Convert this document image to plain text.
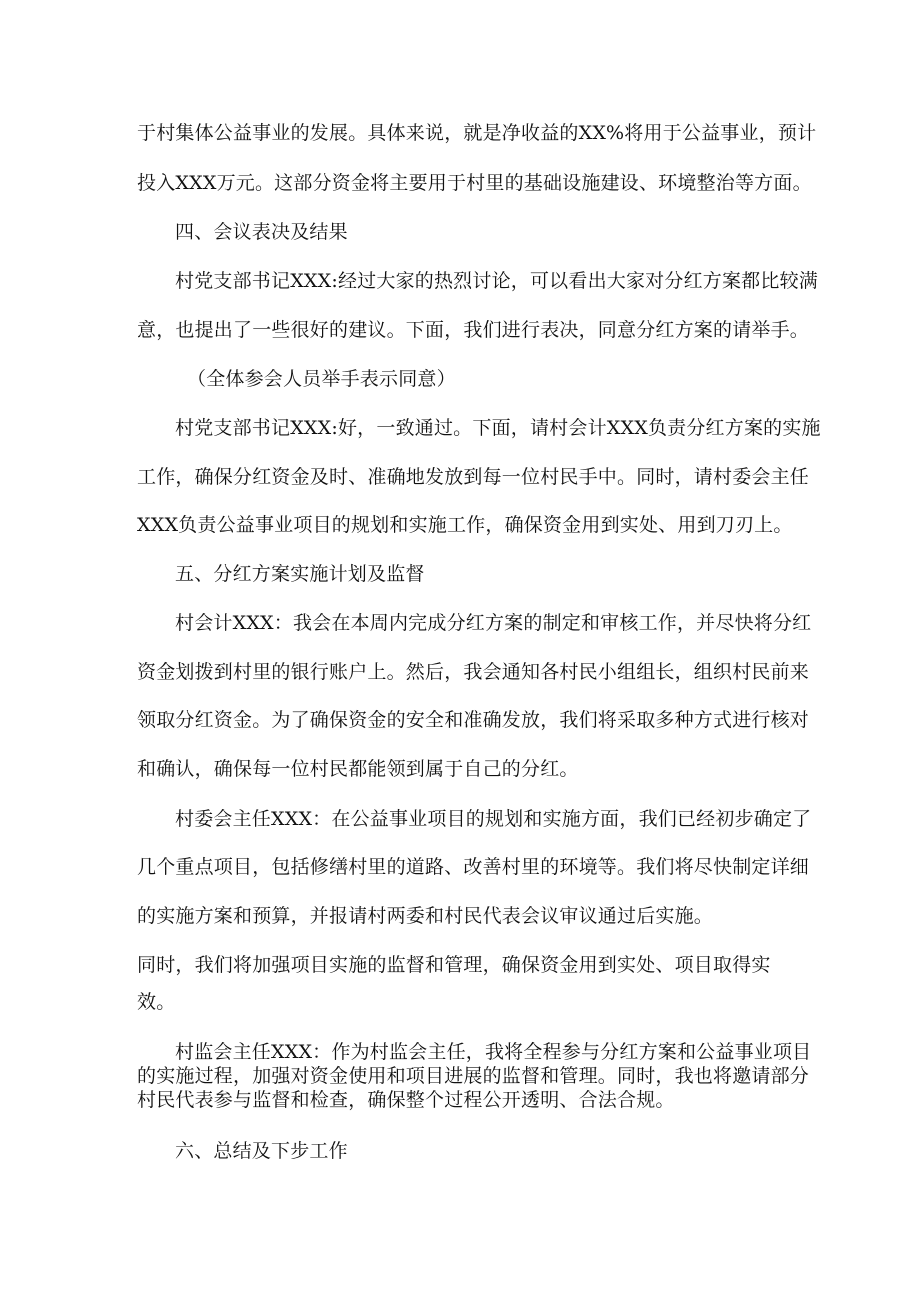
于村集体公益事业的发展。具体来说，就是净收益的XX%将用于公益事业，预计
投入XXX万元。这部分资金将主要用于村里的基础设施建设、环境整治等方面。
四、会议表决及结果
村党支部书记XXX:经过大家的热烈讨论，可以看出大家对分红方案都比较满
意，也提出了一些很好的建议。下面，我们进行表决，同意分红方案的请举手。
（全体参会人员举手表示同意）
村党支部书记XXX:好，一致通过。下面，请村会计XXX负责分红方案的实施
工作，确保分红资金及时、准确地发放到每一位村民手中。同时，请村委会主任
XXX负责公益事业项目的规划和实施工作，确保资金用到实处、用到刀刃上。
五、分红方案实施计划及监督
村会计XXX：我会在本周内完成分红方案的制定和审核工作，并尽快将分红
资金划拨到村里的银行账户上。然后，我会通知各村民小组组长，组织村民前来
领取分红资金。为了确保资金的安全和准确发放，我们将采取多种方式进行核对
和确认，确保每一位村民都能领到属于自己的分红。
村委会主任XXX：在公益事业项目的规划和实施方面，我们已经初步确定了
几个重点项目，包括修缮村里的道路、改善村里的环境等。我们将尽快制定详细
的实施方案和预算，并报请村两委和村民代表会议审议通过后实施。
同时，我们将加强项目实施的监督和管理，确保资金用到实处、项目取得实
效。
村监会主任XXX：作为村监会主任，我将全程参与分红方案和公益事业项目
的实施过程，加强对资金使用和项目进展的监督和管理。同时，我也将邀请部分
村民代表参与监督和检查，确保整个过程公开透明、合法合规。
六、总结及下步工作
